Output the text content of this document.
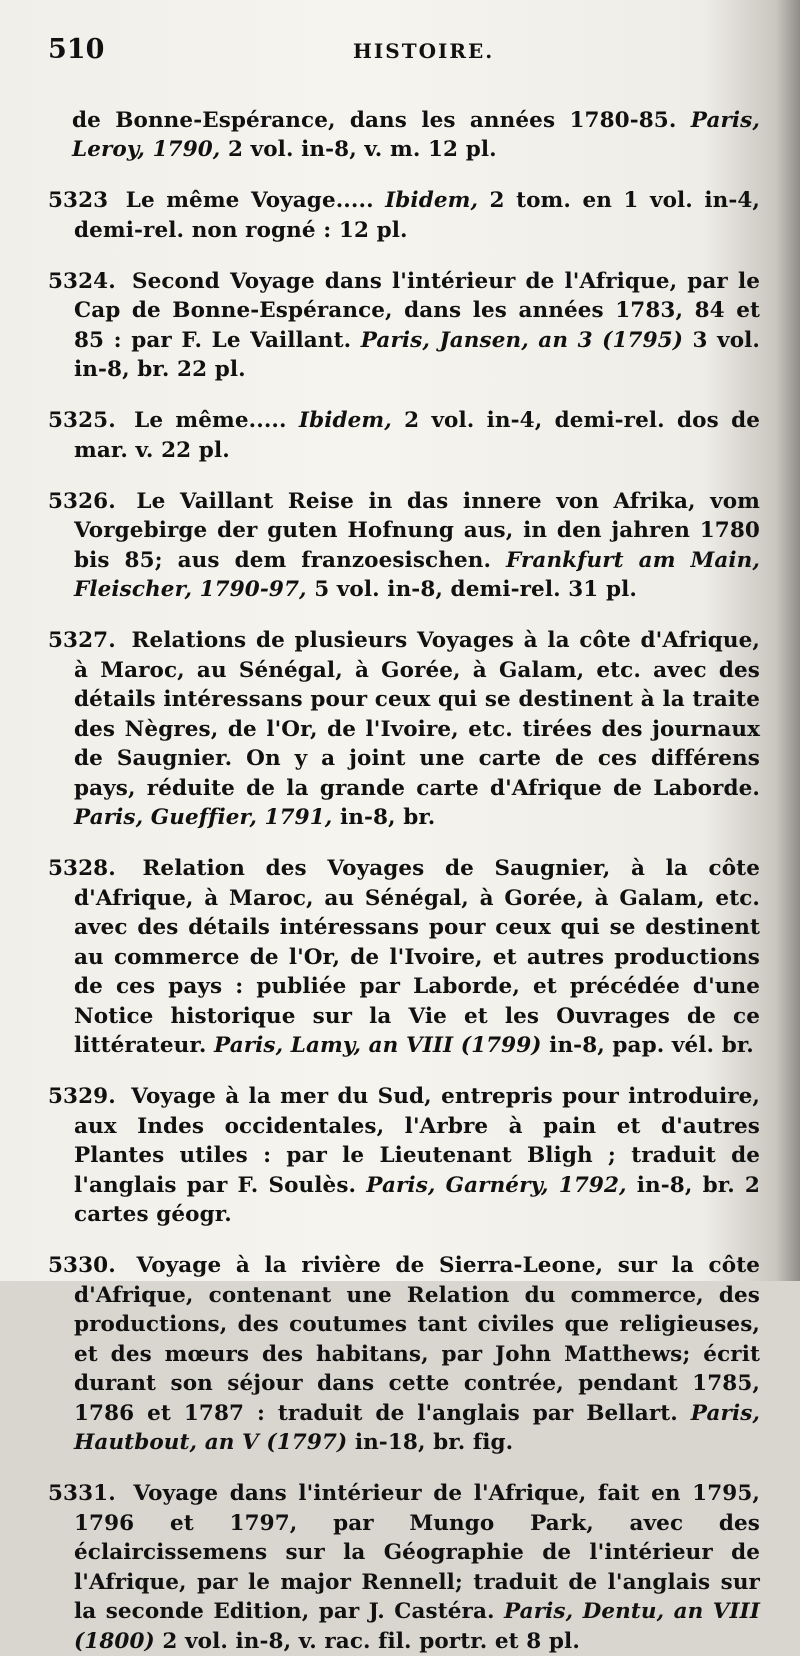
510	HISTOIRE.

de Bonne-Espérance, dans les années 1780-85. Paris, Leroy, 1790, 2 vol. in-8, v. m. 12 pl.

5323 Le même Voyage..... Ibidem, 2 tom. en 1 vol. in-4, demi-rel. non rogné : 12 pl.

5324. Second Voyage dans l'intérieur de l'Afrique, par le Cap de Bonne-Espérance, dans les années 1783, 84 et 85 : par F. Le Vaillant. Paris, Jansen, an 3 (1795) 3 vol. in-8, br. 22 pl.

5325. Le même..... Ibidem, 2 vol. in-4, demi-rel. dos de mar. v. 22 pl.

5326. Le Vaillant Reise in das innere von Afrika, vom Vorgebirge der guten Hofnung aus, in den jahren 1780 bis 85; aus dem franzoesischen. Frankfurt am Main, Fleischer, 1790-97, 5 vol. in-8, demi-rel. 31 pl.

5327. Relations de plusieurs Voyages à la côte d'Afrique, à Maroc, au Sénégal, à Gorée, à Galam, etc. avec des détails intéressans pour ceux qui se destinent à la traite des Nègres, de l'Or, de l'Ivoire, etc. tirées des journaux de Saugnier. On y a joint une carte de ces différens pays, réduite de la grande carte d'Afrique de Laborde. Paris, Gueffier, 1791, in-8, br.

5328. Relation des Voyages de Saugnier, à la côte d'Afrique, à Maroc, au Sénégal, à Gorée, à Galam, etc. avec des détails intéressans pour ceux qui se destinent au commerce de l'Or, de l'Ivoire, et autres productions de ces pays : publiée par Laborde, et précédée d'une Notice historique sur la Vie et les Ouvrages de ce littérateur. Paris, Lamy, an VIII (1799) in-8, pap. vél. br.

5329. Voyage à la mer du Sud, entrepris pour introduire, aux Indes occidentales, l'Arbre à pain et d'autres Plantes utiles : par le Lieutenant Bligh ; traduit de l'anglais par F. Soulès. Paris, Garnéry, 1792, in-8, br. 2 cartes géogr.

5330. Voyage à la rivière de Sierra-Leone, sur la côte d'Afrique, contenant une Relation du commerce, des productions, des coutumes tant civiles que religieuses, et des mœurs des habitans, par John Matthews; écrit durant son séjour dans cette contrée, pendant 1785, 1786 et 1787 : traduit de l'anglais par Bellart. Paris, Hautbout, an V (1797) in-18, br. fig.

5331. Voyage dans l'intérieur de l'Afrique, fait en 1795, 1796 et 1797, par Mungo Park, avec des éclaircissemens sur la Géographie de l'intérieur de l'Afrique, par le major Rennell; traduit de l'anglais sur la seconde Edition, par J. Castéra. Paris, Dentu, an VIII (1800) 2 vol. in-8, v. rac. fil. portr. et 8 pl.
